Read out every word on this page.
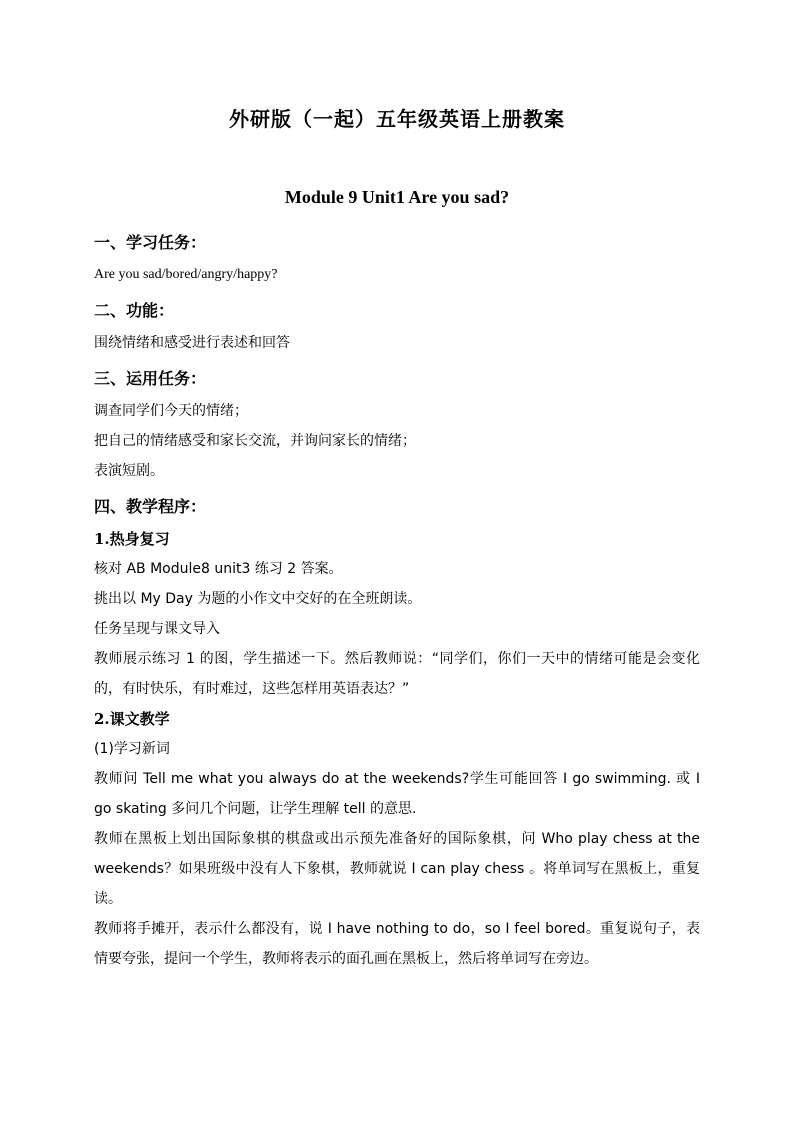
外研版（一起）五年级英语上册教案
Module 9 Unit1 Are you sad?
一、学习任务：
Are you sad/bored/angry/happy?
二、功能：
围绕情绪和感受进行表述和回答
三、运用任务：
调查同学们今天的情绪；
把自己的情绪感受和家长交流，并询问家长的情绪；
表演短剧。
四、教学程序：
1.热身复习
核对 AB Module8 unit3 练习 2 答案。
挑出以 My Day 为题的小作文中交好的在全班朗读。
任务呈现与课文导入
教师展示练习 1 的图，学生描述一下。然后教师说：“同学们，你们一天中的情绪可能是会变化的，有时快乐，有时难过，这些怎样用英语表达？”
2.课文教学
(1)学习新词
教师问 Tell me what you always do at the weekends?学生可能回答 I go swimming. 或 I go skating 多问几个问题，让学生理解 tell 的意思.
教师在黑板上划出国际象棋的棋盘或出示预先准备好的国际象棋，问 Who play chess at the weekends？如果班级中没有人下象棋，教师就说 I can play chess 。将单词写在黑板上，重复读。
教师将手摊开，表示什么都没有，说 I have nothing to do，so I feel bored。重复说句子，表情要夸张，提问一个学生，教师将表示的面孔画在黑板上，然后将单词写在旁边。
